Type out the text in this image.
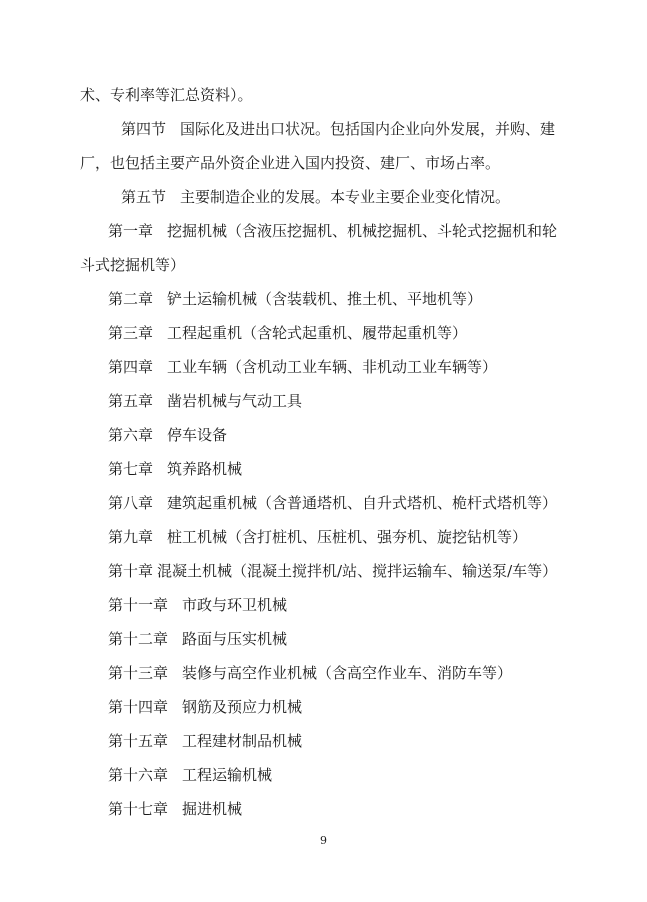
术、专利率等汇总资料）。
第四节 国际化及进出口状况。包括国内企业向外发展，并购、建
厂，也包括主要产品外资企业进入国内投资、建厂、市场占率。
第五节 主要制造企业的发展。本专业主要企业变化情况。
第一章 挖掘机械（含液压挖掘机、机械挖掘机、斗轮式挖掘机和轮
斗式挖掘机等）
第二章 铲土运输机械（含装载机、推土机、平地机等）
第三章 工程起重机（含轮式起重机、履带起重机等）
第四章 工业车辆（含机动工业车辆、非机动工业车辆等）
第五章 凿岩机械与气动工具
第六章 停车设备
第七章 筑养路机械
第八章 建筑起重机械（含普通塔机、自升式塔机、桅杆式塔机等）
第九章 桩工机械（含打桩机、压桩机、强夯机、旋挖钻机等）
第十章 混凝土机械（混凝土搅拌机/站、搅拌运输车、输送泵/车等）
第十一章 市政与环卫机械
第十二章 路面与压实机械
第十三章 装修与高空作业机械（含高空作业车、消防车等）
第十四章 钢筋及预应力机械
第十五章 工程建材制品机械
第十六章 工程运输机械
第十七章 掘进机械
9
